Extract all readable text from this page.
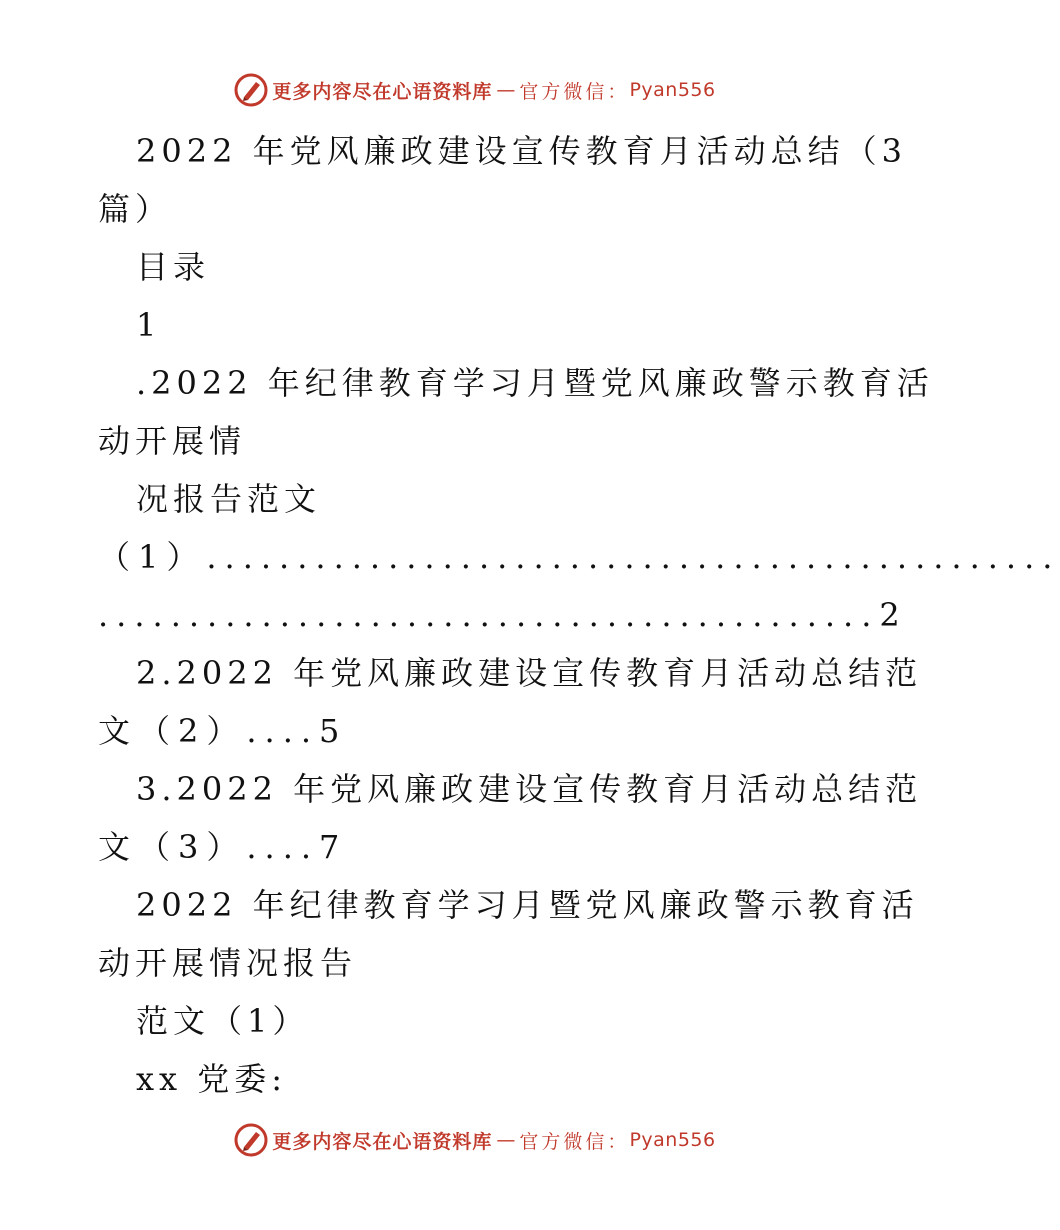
更多内容尽在心语资料库 — 官方微信： Pyan556
2022 年党风廉政建设宣传教育月活动总结（3
篇）
目录
1
.2022 年纪律教育学习月暨党风廉政警示教育活
动开展情
况报告范文
（1）...............................................
...........................................2
2.2022 年党风廉政建设宣传教育月活动总结范
文（2）....5
3.2022 年党风廉政建设宣传教育月活动总结范
文（3）....7
2022 年纪律教育学习月暨党风廉政警示教育活
动开展情况报告
范文（1）
xx 党委:
更多内容尽在心语资料库 — 官方微信： Pyan556
